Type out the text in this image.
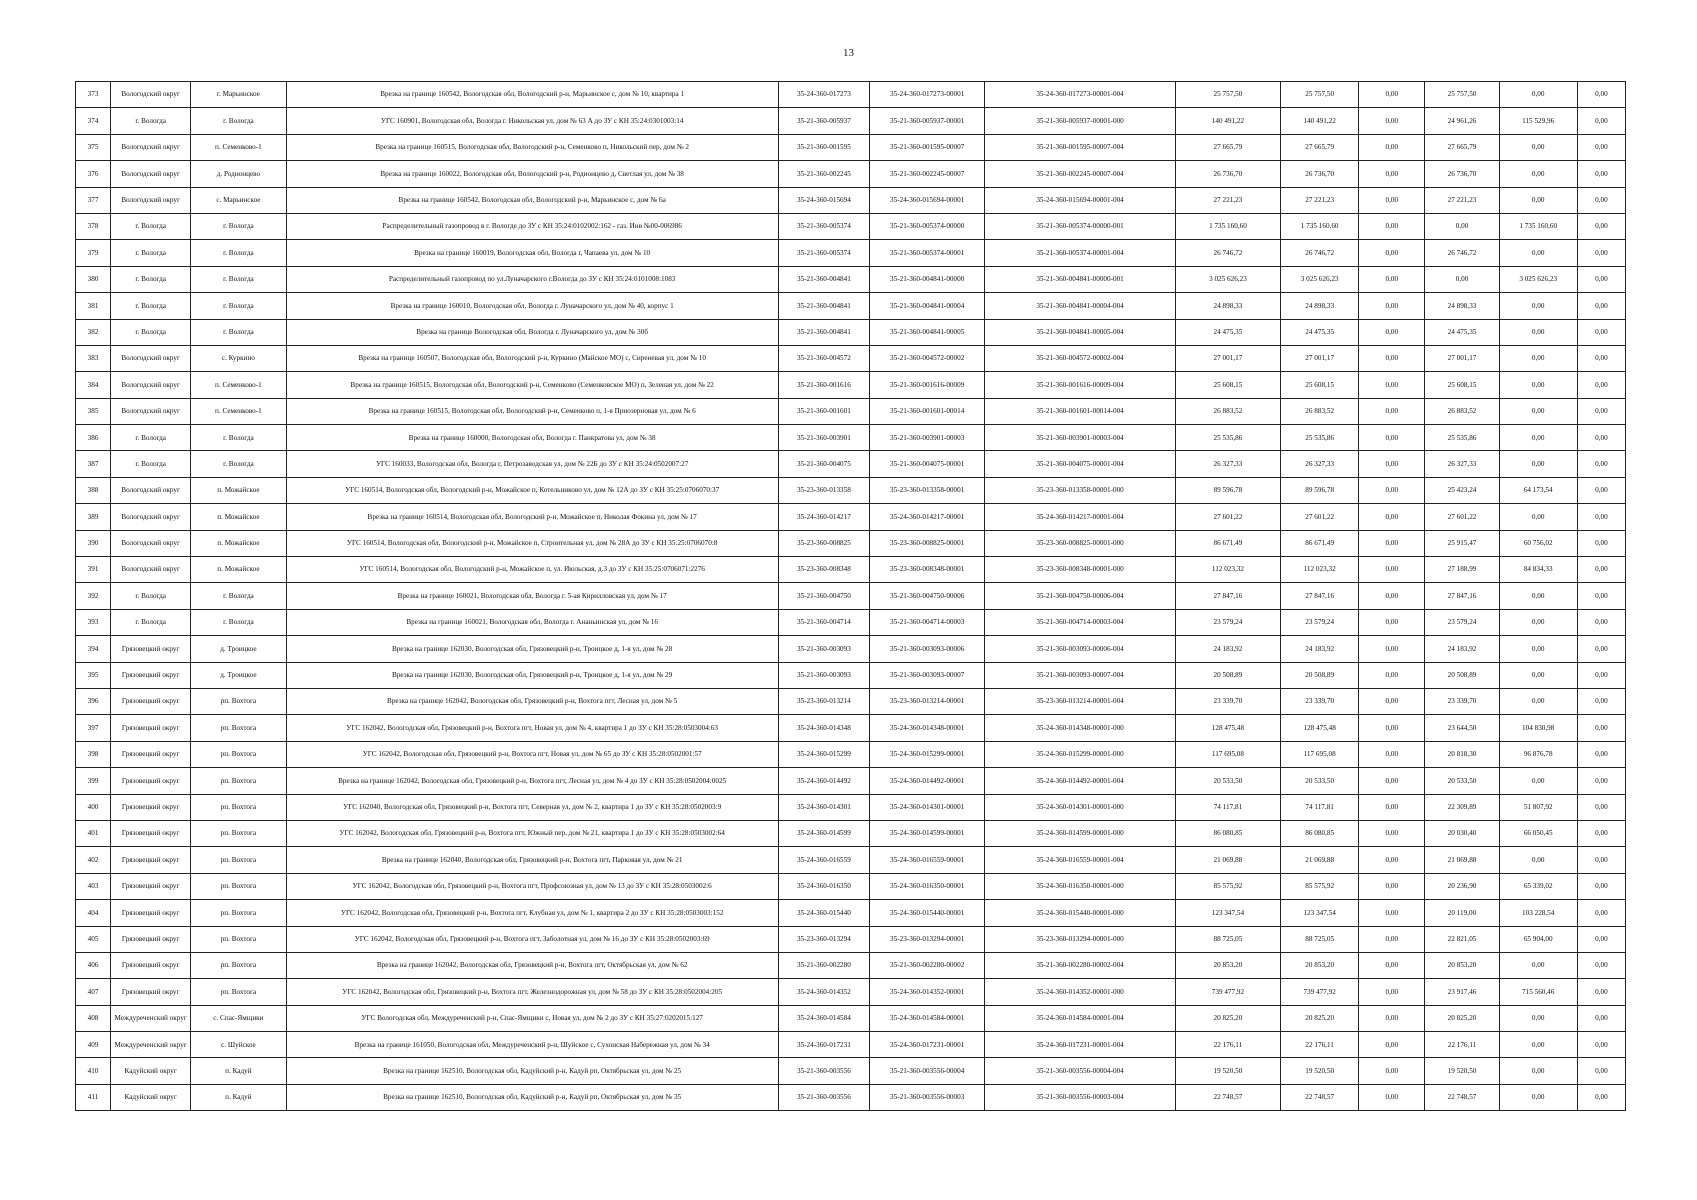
13
373	Вологодский округ	г. Марьинское	Врезка на границе 160542, Вологодская обл, Вологодский р-н, Марьинское с, дом № 10, квартира 1	35-24-360-017273	35-24-360-017273-00001	35-24-360-017273-00001-004	25 757,50	25 757,50	0,00	25 757,50	0,00	0,00
374	г. Вологда	г. Вологда	УГС 160901, Вологодская обл, Вологда г. Никольская ул, дом № 63 А до ЗУ с КН 35:24:0301003:14	35-21-360-005937	35-21-360-005937-00001	35-21-360-005937-00001-000	140 491,22	140 491,22	0,00	24 961,26	115 529,96	0,00
375	Вологодский округ	п. Семенково-1	Врезка на границе 160515, Вологодская обл, Вологодский р-н, Семенково п, Никольский пер, дом № 2	35-21-360-001595	35-21-360-001595-00007	35-21-360-001595-00007-004	27 665,79	27 665,79	0,00	27 665,79	0,00	0,00
376	Вологодский округ	д. Родионцево	Врезка на границе 160022, Вологодская обл, Вологодский р-н, Родионцево д, Светлая ул, дом № 38	35-21-360-002245	35-21-360-002245-00007	35-21-360-002245-00007-004	26 736,70	26 736,70	0,00	26 736,70	0,00	0,00
377	Вологодский округ	с. Марьинское	Врезка на границе 160542, Вологодская обл, Вологодский р-н, Марьинское с, дом № 6а	35-24-360-015694	35-24-360-015694-00001	35-24-360-015694-00001-004	27 221,23	27 221,23	0,00	27 221,23	0,00	0,00
378	г. Вологда	г. Вологда	Распределительный газопровод в г. Вологде до ЗУ с КН 35:24:0102002:162 - газ. Инв №00-006986	35-21-360-005374	35-21-360-005374-00000	35-21-360-005374-00000-001	1 735 160,60	1 735 160,60	0,00	0,00	1 735 160,60	0,00
379	г. Вологда	г. Вологда	Врезка на границе 160019, Вологодская обл, Вологда г, Чапаева ул, дом № 10	35-21-360-005374	35-21-360-005374-00001	35-21-360-005374-00001-004	26 746,72	26 746,72	0,00	26 746,72	0,00	0,00
380	г. Вологда	г. Вологда	Распределительный газопровод по ул.Луначарского г.Вологда до ЗУ с КН 35:24:0101008:1083	35-21-360-004841	35-21-360-004841-00000	35-21-360-004841-00000-001	3 025 626,23	3 025 626,23	0,00	0,00	3 025 626,23	0,00
381	г. Вологда	г. Вологда	Врезка на границе 160010, Вологодская обл, Вологда г. Луначарского ул, дом № 40, корпус 1	35-21-360-004841	35-21-360-004841-00004	35-21-360-004841-00004-004	24 898,33	24 898,33	0,00	24 898,33	0,00	0,00
382	г. Вологда	г. Вологда	Врезка на границе Вологодская обл, Вологда г. Луначарского ул, дом № 30б	35-21-360-004841	35-21-360-004841-00005	35-21-360-004841-00005-004	24 475,35	24 475,35	0,00	24 475,35	0,00	0,00
383	Вологодский округ	с. Куркино	Врезка на границе 160507, Вологодская обл, Вологодский р-н, Куркино (Майское МО) с, Сиреневая ул, дом № 10	35-21-360-004572	35-21-360-004572-00002	35-21-360-004572-00002-004	27 001,17	27 001,17	0,00	27 001,17	0,00	0,00
384	Вологодский округ	п. Семенково-1	Врезка на границе 160515, Вологодская обл, Вологодский р-н, Семенково (Семенковское МО) п, Зеленая ул, дом № 22	35-21-360-001616	35-21-360-001616-00009	35-21-360-001616-00009-004	25 608,15	25 608,15	0,00	25 608,15	0,00	0,00
385	Вологодский округ	п. Семенково-1	Врезка на границе 160515, Вологодская обл, Вологодский р-н, Семенково п, 1-я Приозерновая ул, дом № 6	35-21-360-001601	35-21-360-001601-00014	35-21-360-001601-00014-004	26 883,52	26 883,52	0,00	26 883,52	0,00	0,00
386	г. Вологда	г. Вологда	Врезка на границе 160000, Вологодская обл, Вологда г. Панкратова ул, дом № 38	35-21-360-003901	35-21-360-003901-00003	35-21-360-003901-00003-004	25 535,86	25 535,86	0,00	25 535,86	0,00	0,00
387	г. Вологда	г. Вологда	УГС 160033, Вологодская обл, Вологда г, Петрозаводская ул, дом № 22Б до ЗУ с КН 35:24:0502007:27	35-21-360-004075	35-21-360-004075-00001	35-21-360-004075-00001-004	26 327,33	26 327,33	0,00	26 327,33	0,00	0,00
388	Вологодский округ	п. Можайское	УГС 160514, Вологодская обл, Вологодский р-н, Можайское п, Котельниково ул, дом № 12А до ЗУ с КН 35:25:0706070:37	35-23-360-013358	35-23-360-013358-00001	35-23-360-013358-00001-000	89 596,78	89 596,78	0,00	25 423,24	64 173,54	0,00
389	Вологодский округ	п. Можайское	Врезка на границе 160514, Вологодская обл, Вологодский р-н, Можайское п, Николая Фокина ул, дом № 17	35-24-360-014217	35-24-360-014217-00001	35-24-360-014217-00001-004	27 601,22	27 601,22	0,00	27 601,22	0,00	0,00
390	Вологодский округ	п. Можайское	УГС 160514, Вологодская обл, Вологодский р-н, Можайское п, Строительная ул, дом № 28А до ЗУ с КН 35:25:0706070:8	35-23-360-008825	35-23-360-008825-00001	35-23-360-008825-00001-000	86 671,49	86 671,49	0,00	25 915,47	60 756,02	0,00
391	Вологодский округ	п. Можайское	УГС 160514, Вологодская обл, Вологодский р-н, Можайское п, ул. Июльская, д.3 до ЗУ с КН 35:25:0706071:2276	35-23-360-008348	35-23-360-008348-00001	35-23-360-008348-00001-000	112 023,32	112 023,32	0,00	27 188,99	84 834,33	0,00
392	г. Вологда	г. Вологда	Врезка на границе 160021, Вологодская обл, Вологда г. 5-ая Кирилловская ул, дом № 17	35-21-360-004750	35-21-360-004750-00006	35-21-360-004750-00006-004	27 847,16	27 847,16	0,00	27 847,16	0,00	0,00
393	г. Вологда	г. Вологда	Врезка на границе 160021, Вологодская обл, Вологда г. Ананьинская ул, дом № 16	35-21-360-004714	35-21-360-004714-00003	35-21-360-004714-00003-004	23 579,24	23 579,24	0,00	23 579,24	0,00	0,00
394	Грязовецкий округ	д. Троицкое	Врезка на границе 162030, Вологодская обл, Грязовецкий р-н, Троицкое д, 1-я ул, дом № 28	35-21-360-003093	35-21-360-003093-00006	35-21-360-003093-00006-004	24 183,92	24 183,92	0,00	24 183,92	0,00	0,00
395	Грязовецкий округ	д. Троицкое	Врезка на границе 162030, Вологодская обл, Грязовецкий р-н, Троицкое д, 1-я ул, дом № 29	35-21-360-003093	35-21-360-003093-00007	35-21-360-003093-00007-004	20 508,89	20 508,89	0,00	20 508,89	0,00	0,00
396	Грязовецкий округ	рп. Вохтога	Врезка на границе 162042, Вологодская обл, Грязовецкий р-н, Вохтога пгт, Лесная ул, дом № 5	35-23-360-013214	35-23-360-013214-00001	35-23-360-013214-00001-004	23 339,70	23 339,70	0,00	23 339,70	0,00	0,00
397	Грязовецкий округ	рп. Вохтога	УГС 162042, Вологодская обл, Грязовецкий р-н, Вохтога пгт, Новая ул, дом № 4, квартира 1 до ЗУ с КН 35:28:0503004:63	35-24-360-014348	35-24-360-014348-00001	35-24-360-014348-00001-000	128 475,48	128 475,48	0,00	23 644,50	104 830,98	0,00
398	Грязовецкий округ	рп. Вохтога	УГС 162042, Вологодская обл, Грязовецкий р-н, Вохтога пгт, Новая ул, дом № 65 до ЗУ с КН 35:28:0502001:57	35-24-360-015299	35-24-360-015299-00001	35-24-360-015299-00001-000	117 695,08	117 695,08	0,00	20 818,30	96 876,78	0,00
399	Грязовецкий округ	рп. Вохтога	Врезка на границе 162042, Вологодская обл, Грязовецкий р-н, Вохтога пгт, Лесная ул, дом № 4 до ЗУ с КН 35:28:0502004:0025	35-24-360-014492	35-24-360-014492-00001	35-24-360-014492-00001-004	20 533,50	20 533,50	0,00	20 533,50	0,00	0,00
400	Грязовецкий округ	рп. Вохтога	УГС 162040, Вологодская обл, Грязовецкий р-н, Вохтога пгт, Северная ул, дом № 2, квартира 1 до ЗУ с КН 35:28:0502003:9	35-24-360-014301	35-24-360-014301-00001	35-24-360-014301-00001-000	74 117,81	74 117,81	0,00	22 309,89	51 807,92	0,00
401	Грязовецкий округ	рп. Вохтога	УГС 162042, Вологодская обл, Грязовецкий р-н, Вохтога пгт, Южный пер, дом № 21, квартира 1 до ЗУ с КН 35:28:0503002:64	35-24-360-014599	35-24-360-014599-00001	35-24-360-014599-00001-000	86 080,85	86 080,85	0,00	20 030,40	66 050,45	0,00
402	Грязовецкий округ	рп. Вохтога	Врезка на границе 162040, Вологодская обл, Грязовецкий р-н, Вохтога пгт, Парковая ул, дом № 21	35-24-360-016559	35-24-360-016559-00001	35-24-360-016559-00001-004	21 069,88	21 069,88	0,00	21 069,88	0,00	0,00
403	Грязовецкий округ	рп. Вохтога	УГС 162042, Вологодская обл, Грязовецкий р-н, Вохтога пгт, Профсоюзная ул, дом № 13 до ЗУ с КН 35:28:0503002:6	35-24-360-016350	35-24-360-016350-00001	35-24-360-016350-00001-000	85 575,92	85 575,92	0,00	20 236,90	65 339,02	0,00
404	Грязовецкий округ	рп. Вохтога	УГС 162042, Вологодская обл, Грязовецкий р-н, Вохтога пгт, Клубная ул, дом № 1, квартира 2 до ЗУ с КН 35:28:0503003:152	35-24-360-015440	35-24-360-015440-00001	35-24-360-015440-00001-000	123 347,54	123 347,54	0,00	20 119,00	103 228,54	0,00
405	Грязовецкий округ	рп. Вохтога	УГС 162042, Вологодская обл, Грязовецкий р-н, Вохтога пгт, Заболотная ул, дом № 16 до ЗУ с КН 35:28:0502003:69	35-23-360-013294	35-23-360-013294-00001	35-23-360-013294-00001-000	88 725,05	88 725,05	0,00	22 821,05	65 904,00	0,00
406	Грязовецкий округ	рп. Вохтога	Врезка на границе 162042, Вологодская обл, Грязовецкий р-н, Вохтога пгт, Октябрьская ул, дом № 62	35-21-360-002280	35-21-360-002280-00002	35-21-360-002280-00002-004	20 853,20	20 853,20	0,00	20 853,20	0,00	0,00
407	Грязовецкий округ	рп. Вохтога	УГС 162042, Вологодская обл, Грязовецкий р-н, Вохтога пгт, Железнодорожная ул, дом № 58 до ЗУ с КН 35:28:0502004:205	35-24-360-014352	35-24-360-014352-00001	35-24-360-014352-00001-000	739 477,92	739 477,92	0,00	23 917,46	715 560,46	0,00
408	Междуреченский округ	с. Спас-Ямщики	УГС Вологодская обл, Междуреченский р-н, Спас-Ямщики с, Новая ул, дом № 2 до ЗУ с КН 35:27:0202015:127	35-24-360-014584	35-24-360-014584-00001	35-24-360-014584-00001-004	20 825,20	20 825,20	0,00	20 825,20	0,00	0,00
409	Междуреченский округ	с. Шуйское	Врезка на границе 161050, Вологодская обл, Междуреченский р-н, Шуйское с, Сухонская Набережная ул, дом № 34	35-24-360-017231	35-24-360-017231-00001	35-24-360-017231-00001-004	22 176,11	22 176,11	0,00	22 176,11	0,00	0,00
410	Кадуйский округ	п. Кадуй	Врезка на границе 162510, Вологодская обл, Кадуйский р-н, Кадуй рп, Октябрьская ул, дом № 25	35-21-360-003556	35-21-360-003556-00004	35-21-360-003556-00004-004	19 520,50	19 520,50	0,00	19 520,50	0,00	0,00
411	Кадуйский округ	п. Кадуй	Врезка на границе 162510, Вологодская обл, Кадуйский р-н, Кадуй рп, Октябрьская ул, дом № 35	35-21-360-003556	35-21-360-003556-00003	35-21-360-003556-00003-004	22 748,57	22 748,57	0,00	22 748,57	0,00	0,00
